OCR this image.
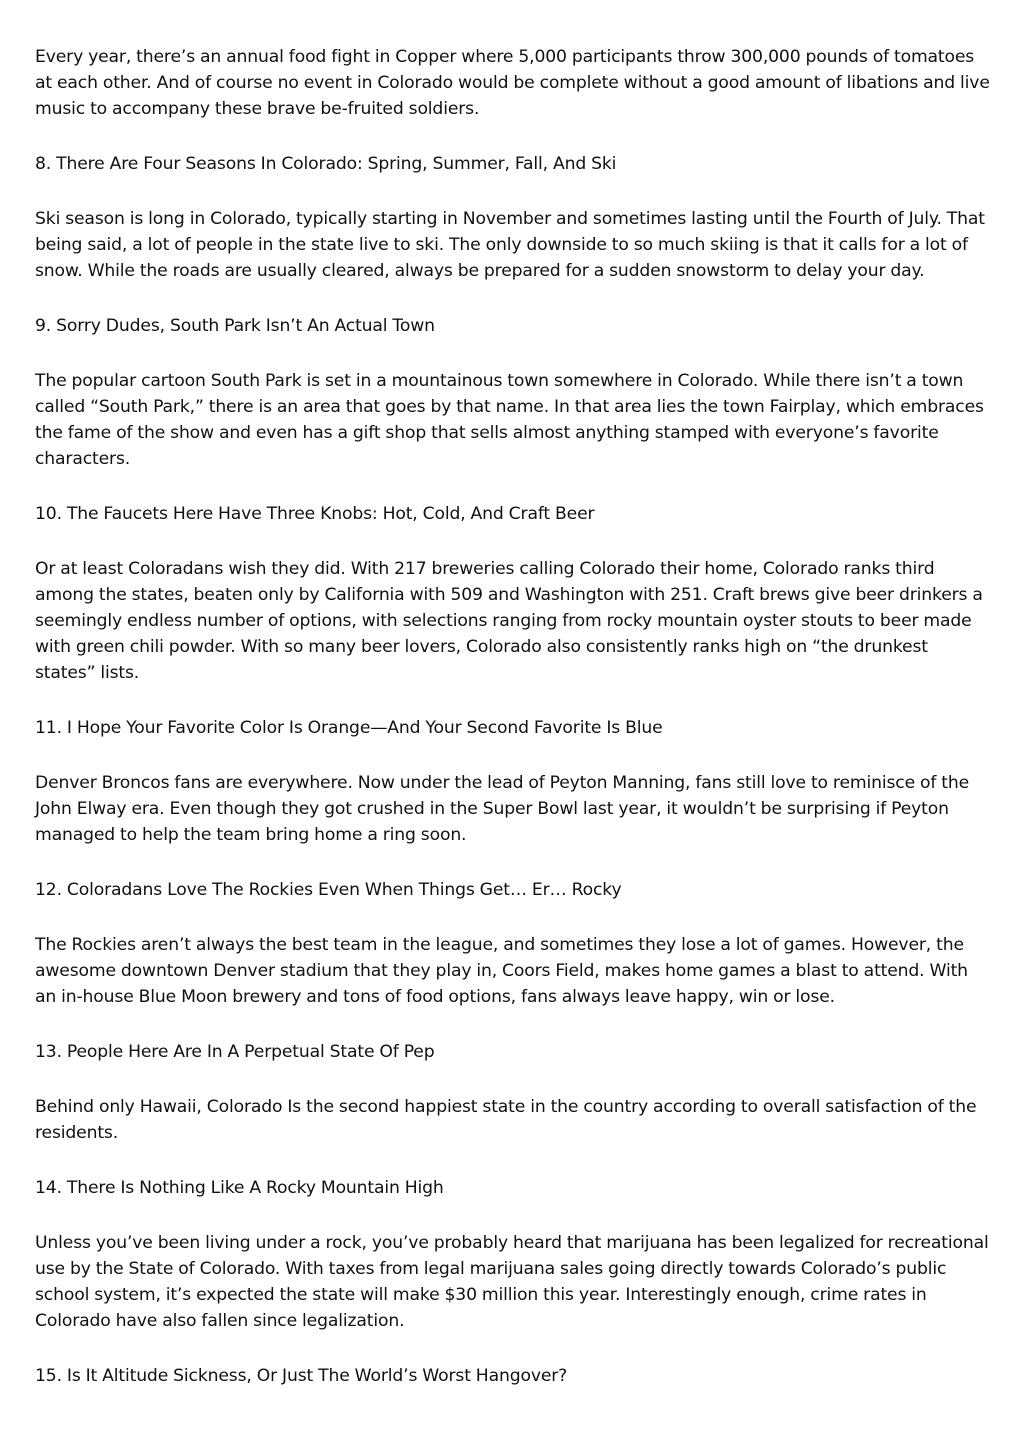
Every year, there’s an annual food fight in Copper where 5,000 participants throw 300,000 pounds of tomatoes at each other. And of course no event in Colorado would be complete without a good amount of libations and live music to accompany these brave be-fruited soldiers.

8. There Are Four Seasons In Colorado: Spring, Summer, Fall, And Ski

Ski season is long in Colorado, typically starting in November and sometimes lasting until the Fourth of July. That being said, a lot of people in the state live to ski. The only downside to so much skiing is that it calls for a lot of snow. While the roads are usually cleared, always be prepared for a sudden snowstorm to delay your day.

9. Sorry Dudes, South Park Isn’t An Actual Town

The popular cartoon South Park is set in a mountainous town somewhere in Colorado. While there isn’t a town called “South Park,” there is an area that goes by that name. In that area lies the town Fairplay, which embraces the fame of the show and even has a gift shop that sells almost anything stamped with everyone’s favorite characters.

10. The Faucets Here Have Three Knobs: Hot, Cold, And Craft Beer

Or at least Coloradans wish they did. With 217 breweries calling Colorado their home, Colorado ranks third among the states, beaten only by California with 509 and Washington with 251. Craft brews give beer drinkers a seemingly endless number of options, with selections ranging from rocky mountain oyster stouts to beer made with green chili powder. With so many beer lovers, Colorado also consistently ranks high on “the drunkest states” lists.

11. I Hope Your Favorite Color Is Orange—And Your Second Favorite Is Blue

Denver Broncos fans are everywhere. Now under the lead of Peyton Manning, fans still love to reminisce of the John Elway era. Even though they got crushed in the Super Bowl last year, it wouldn’t be surprising if Peyton managed to help the team bring home a ring soon.

12. Coloradans Love The Rockies Even When Things Get… Er… Rocky

The Rockies aren’t always the best team in the league, and sometimes they lose a lot of games. However, the awesome downtown Denver stadium that they play in, Coors Field, makes home games a blast to attend. With an in-house Blue Moon brewery and tons of food options, fans always leave happy, win or lose.

13. People Here Are In A Perpetual State Of Pep

Behind only Hawaii, Colorado Is the second happiest state in the country according to overall satisfaction of the residents.

14. There Is Nothing Like A Rocky Mountain High

Unless you’ve been living under a rock, you’ve probably heard that marijuana has been legalized for recreational use by the State of Colorado. With taxes from legal marijuana sales going directly towards Colorado’s public school system, it’s expected the state will make $30 million this year. Interestingly enough, crime rates in Colorado have also fallen since legalization.

15. Is It Altitude Sickness, Or Just The World’s Worst Hangover?
